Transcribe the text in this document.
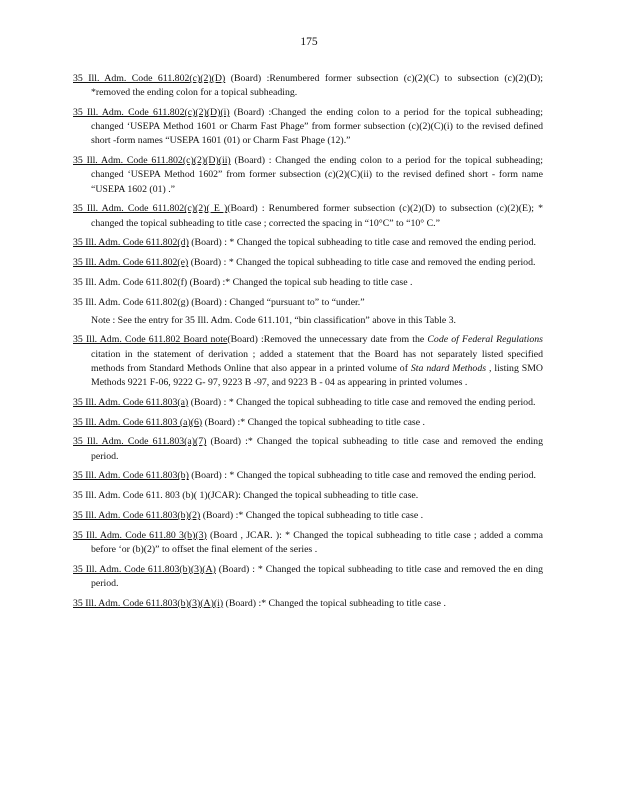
175

35 Ill. Adm. Code 611.802(c)(2)(D) (Board) :Renumbered former subsection (c)(2)(C) to subsection (c)(2)(D); *removed the ending colon for a topical subheading.

35 Ill. Adm. Code 611.802(c)(2)(D)(i) (Board) :Changed the ending colon to a period for the topical subheading; changed ‘USEPA Method 1601 or Charm Fast Phage” from former subsection (c)(2)(C)(i) to the revised defined short -form names “USEPA 1601 (01) or Charm Fast Phage (12).”

35 Ill. Adm. Code 611.802(c)(2)(D)(ii) (Board) : Changed the ending colon to a period for the topical subheading; changed ‘USEPA Method 1602” from former subsection (c)(2)(C)(ii) to the revised defined short - form name “USEPA 1602 (01) .”

35 Ill. Adm. Code 611.802(c)(2)( E )(Board) : Renumbered former subsection (c)(2)(D) to subsection (c)(2)(E); * changed the topical subheading to title case ; corrected the spacing in “10°C” to “10° C.”

35 Ill. Adm. Code 611.802(d) (Board) : * Changed the topical subheading to title case and removed the ending period.

35 Ill. Adm. Code 611.802(e) (Board) : * Changed the topical subheading to title case and removed the ending period.

35 Ill. Adm. Code 611.802(f) (Board) :* Changed the topical sub heading to title case .

35 Ill. Adm. Code 611.802(g) (Board) : Changed “pursuant to” to “under.”

Note : See the entry for 35 Ill. Adm. Code 611.101, “bin classification” above in this Table 3.

35 Ill. Adm. Code 611.802 Board note(Board) :Removed the unnecessary date from the Code of Federal Regulations citation in the statement of derivation ; added a statement that the Board has not separately listed specified methods from Standard Methods Online that also appear in a printed volume of Sta ndard Methods , listing SMO Methods 9221 F-06, 9222 G- 97, 9223 B -97, and 9223 B - 04 as appearing in printed volumes .

35 Ill. Adm. Code 611.803(a) (Board) : * Changed the topical subheading to title case and removed the ending period.

35 Ill. Adm. Code 611.803 (a)(6) (Board) :* Changed the topical subheading to title case .

35 Ill. Adm. Code 611.803(a)(7) (Board) :* Changed the topical subheading to title case and removed the ending period.

35 Ill. Adm. Code 611.803(b) (Board) : * Changed the topical subheading to title case and removed the ending period.

35 Ill. Adm. Code 611. 803 (b)( 1)(JCAR): Changed the topical subheading to title case.

35 Ill. Adm. Code 611.803(b)(2) (Board) :* Changed the topical subheading to title case .

35 Ill. Adm. Code 611.80 3(b)(3) (Board , JCAR. ): * Changed the topical subheading to title case ; added a comma before ‘or (b)(2)” to offset the final element of the series .

35 Ill. Adm. Code 611.803(b)(3)(A) (Board) : * Changed the topical subheading to title case and removed the en ding period.

35 Ill. Adm. Code 611.803(b)(3)(A)(i) (Board) :* Changed the topical subheading to title case .
